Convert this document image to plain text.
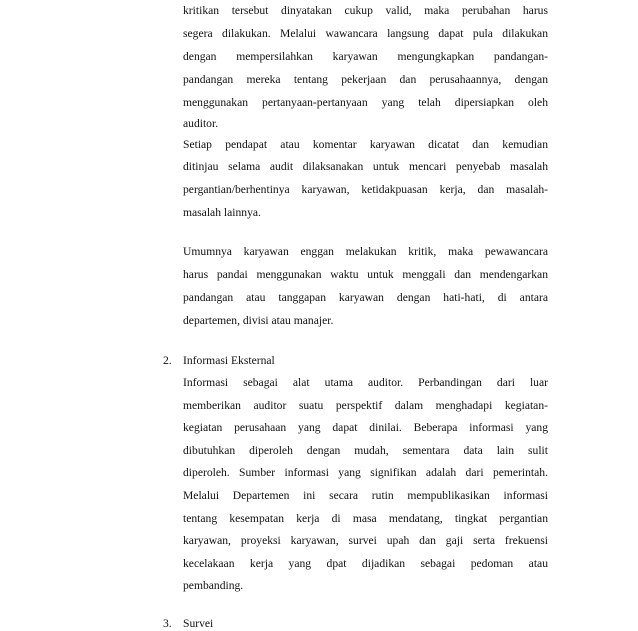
kritikan tersebut dinyatakan cukup valid, maka perubahan harus
segera dilakukan. Melalui wawancara langsung dapat pula dilakukan
dengan mempersilahkan karyawan mengungkapkan pandangan-
pandangan mereka tentang pekerjaan dan perusahaannya, dengan
menggunakan pertanyaan-pertanyaan yang telah dipersiapkan oleh
auditor.
Setiap pendapat atau komentar karyawan dicatat dan kemudian
ditinjau selama audit dilaksanakan untuk mencari penyebab masalah
pergantian/berhentinya karyawan, ketidakpuasan kerja, dan masalah-
masalah lainnya.
Umumnya karyawan enggan melakukan kritik, maka pewawancara
harus pandai menggunakan waktu untuk menggali dan mendengarkan
pandangan atau tanggapan karyawan dengan hati-hati, di antara
departemen, divisi atau manajer.
2. Informasi Eksternal
Informasi sebagai alat utama auditor. Perbandingan dari luar
memberikan auditor suatu perspektif dalam menghadapi kegiatan-
kegiatan perusahaan yang dapat dinilai. Beberapa informasi yang
dibutuhkan diperoleh dengan mudah, sementara data lain sulit
diperoleh. Sumber informasi yang signifikan adalah dari pemerintah.
Melalui Departemen ini secara rutin mempublikasikan informasi
tentang kesempatan kerja di masa mendatang, tingkat pergantian
karyawan, proyeksi karyawan, survei upah dan gaji serta frekuensi
kecelakaan kerja yang dpat dijadikan sebagai pedoman atau
pembanding.
3. Survei
